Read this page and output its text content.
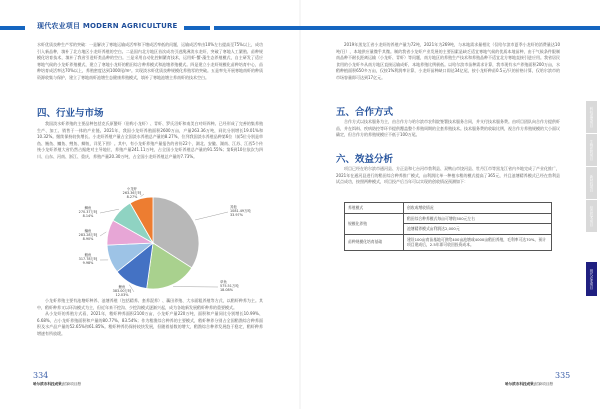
现代农业项目 MODERN AGRICULTURE

水虾优质良种生产零的突破：一是解决了寒地运输成活率和下塘成活率低的问题，运输成活率由10%左右提高至75%以上，成功引入新品种，填补了北方地区小龙虾养殖的空白。二是国内北方地区首次成功引进澳洲淡水龙虾，突破了寒地人工繁殖、苗种规模化培育技术，填补了我省引进虾类品种的空白。三是采用自动化控制繁育技术，运用虾-蟹-藻生态养殖模式，自主研发了适应寒地气候的小龙虾养殖模式，建立了寒地小龙虾的稻田综合种养模式和池塘养殖模式。四是建立小龙虾规模化苗种培育中心，苗种培育成活率达70%以上，养殖密度达到1000尾/m²。实现淡水虾优质良种规模化养殖零的突破。五是率先开展寒地南虾的种质资源收集与保护，建立了寒地南虾池塘生态健康养殖模式，填补了寒地池塘主养南虾的技术空白。

四、行业与市场

我国淡水虾养殖的主要品种包括克氏原螯虾（俗称小龙虾）、青虾、罗氏沼虾和南美白对虾四种。已经形成了完善的集养殖生产、加工、销售于一体的产业链。2021年，我国小龙虾养殖面积2600万亩，产量263.36万吨，同比分别增长19.01%和10.32%。继续保持较快增长。小龙虾养殖产量占全国淡水养殖总产量的8.27%，位列我国淡水养殖品种第6位（前5位分别是草鱼、鲢鱼、鳙鱼、鲤鱼、鲫鱼，详见下图）。其中，有小龙虾养殖产量报告的省份22个，湖北、安徽、湖南、江苏、江西5个传统小龙虾养殖大省仍然占据绝对主导地位，养殖产量241.11万吨，占全国小龙虾养殖总产量的91.55%；第6到10位依次为四川、山东、河南、浙江、重庆，养殖产量20.30万吨，占全国小龙虾养殖总产量的7.73%。

其他 1081.49万吨 33.97%
草鱼 575.51万吨 18.08%
鲤鱼 383.00万吨 12.03%
鲢鱼 317.78万吨 9.98%
鳙鱼 283.28万吨 8.90%
鲫鱼 270.37万吨 8.14%
小龙虾 263.36万吨 8.27%

小龙虾养殖主要有池塘虾种养、池塘养殖（包括精养、套养混养）、藕田养殖、大水面粗养殖等方式，以稻虾种养为主。其中，稻虾种养又以环沟模式为主，但近年来不挖沟、少挖沟模式逐渐兴起，成为各地新发展稻虾种养的重要模式。

从小龙虾的养殖方式看，2021年，稻虾种养面积2100万亩，小龙虾产量220万吨，面积和产量同比分别增长10.99%、6.68%，占小龙虾养殖面积和产量的80.77%、83.54%；作为稻渔综合种养的主要模式，稻虾种养分别占全国稻渔综合种养面积及水产品产量的52.65%和61.85%。稻虾种养仍保持较快发展，但随着基数的增大，稻渔综合种养发展趋于稳定，稻虾种养增速有所放缓。

334
哈尔滨市科技成果|招商项目册

2019年黑龙江省小龙虾的养殖产量为72吨，2021年为269吨，与本地需求量相比（仅哈尔滨市夏季小龙虾的消费量达10吨/日），本地供应量微乎其微。制约我省小龙虾产业发展的主要因素是缺乏适宜寒地气候的优质本地苗种，由于气候条件限制南品种不耐长距离运输（小龙虾、青虾）等问题，南方地区的养殖生产技术和养殖品种不适宜北方寒地直接引进应用。我省居民食用的小龙虾多从南方地区直接运输成虾，本地养殖比例极低。以哈尔滨市苗种需求计算，我市现有水产养殖面积200万亩，水稻种植面积650多万亩，仅按1%利润率计算，小龙虾苗种缺口即达34亿尾，按小龙虾种苗0.5元/只的价格计算，仅哈尔滨市的市场容量即可达到17亿元。

五、合作方式

合作方式以技术服务为主，由合作方与哈尔滨市农科院签署技术服务合同，并支付技术服务费。由项目团队向合作方提供虾苗，并在饵料、疾病防控等环节提供覆盖整个养殖周期的全套养殖技术。技术服务费的收取比例，视合作方养殖规模的大小面议确定，但合作方的养殖规模应不低于100万尾。

六、效益分析

项目已经在哈尔滨市通河县、方正县和七台河市勃利县、双鸭山市饶河县、牡丹江市等黑龙江省内多地完成了产业化推广，2021年在通河县进行的稻田综合种养推广模式，亩利润比单一种植水稻的模式提高了365元，并且池塘精养模式已经在勃利县试点成功，按照两种模式，项目投产后当年可以实现的创收情况预测如下：

养殖模式	创收或增收情况
规模化养殖	稻田综合种养模式每亩可增收500元左右
	池塘精养模式亩利润达2,000元
苗种规模化培育基础	建设100亩育苗基地可供给400亩池塘或4000亩稻田养殖，毛利率可达70%，预计项目建成后，2.5年即可收回投资成本。
335
哈尔滨市科技成果|招商项目册
科技成果项目
生物医药项目
新材料项目
信息技术项目
现代农业项目
